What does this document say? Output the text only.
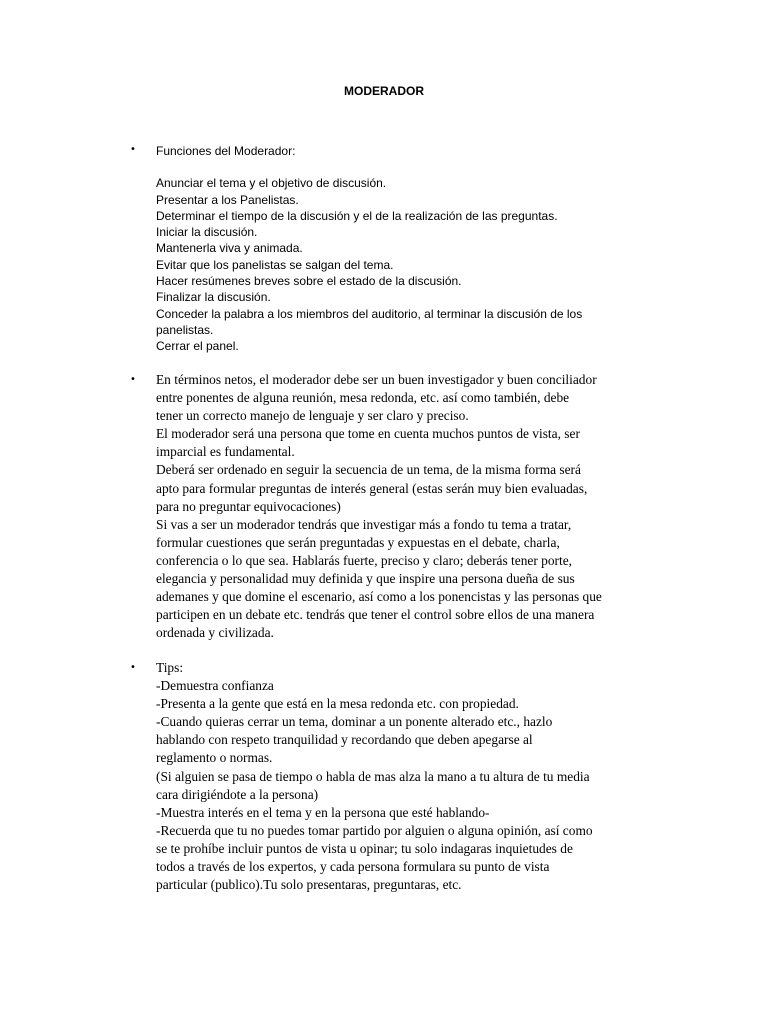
MODERADOR
• Funciones del Moderador:
Anunciar el tema y el objetivo de discusión.
Presentar a los Panelistas.
Determinar el tiempo de la discusión y el de la realización de las preguntas.
Iniciar la discusión.
Mantenerla viva y animada.
Evitar que los panelistas se salgan del tema.
Hacer resúmenes breves sobre el estado de la discusión.
Finalizar la discusión.
Conceder la palabra a los miembros del auditorio, al terminar la discusión de los
panelistas.
Cerrar el panel.
• En términos netos, el moderador debe ser un buen investigador y buen conciliador
entre ponentes de alguna reunión, mesa redonda, etc. así como también, debe
tener un correcto manejo de lenguaje y ser claro y preciso.
El moderador será una persona que tome en cuenta muchos puntos de vista, ser
imparcial es fundamental.
Deberá ser ordenado en seguir la secuencia de un tema, de la misma forma será
apto para formular preguntas de interés general (estas serán muy bien evaluadas,
para no preguntar equivocaciones)
Si vas a ser un moderador tendrás que investigar más a fondo tu tema a tratar,
formular cuestiones que serán preguntadas y expuestas en el debate, charla,
conferencia o lo que sea. Hablarás fuerte, preciso y claro; deberás tener porte,
elegancia y personalidad muy definida y que inspire una persona dueña de sus
ademanes y que domine el escenario, así como a los ponencistas y las personas que
participen en un debate etc. tendrás que tener el control sobre ellos de una manera
ordenada y civilizada.
• Tips:
-Demuestra confianza
-Presenta a la gente que está en la mesa redonda etc. con propiedad.
-Cuando quieras cerrar un tema, dominar a un ponente alterado etc., hazlo
hablando con respeto tranquilidad y recordando que deben apegarse al
reglamento o normas.
(Si alguien se pasa de tiempo o habla de mas alza la mano a tu altura de tu media
cara dirigiéndote a la persona)
-Muestra interés en el tema y en la persona que esté hablando-
-Recuerda que tu no puedes tomar partido por alguien o alguna opinión, así como
se te prohíbe incluir puntos de vista u opinar; tu solo indagaras inquietudes de
todos a través de los expertos, y cada persona formulara su punto de vista
particular (publico).Tu solo presentaras, preguntaras, etc.
